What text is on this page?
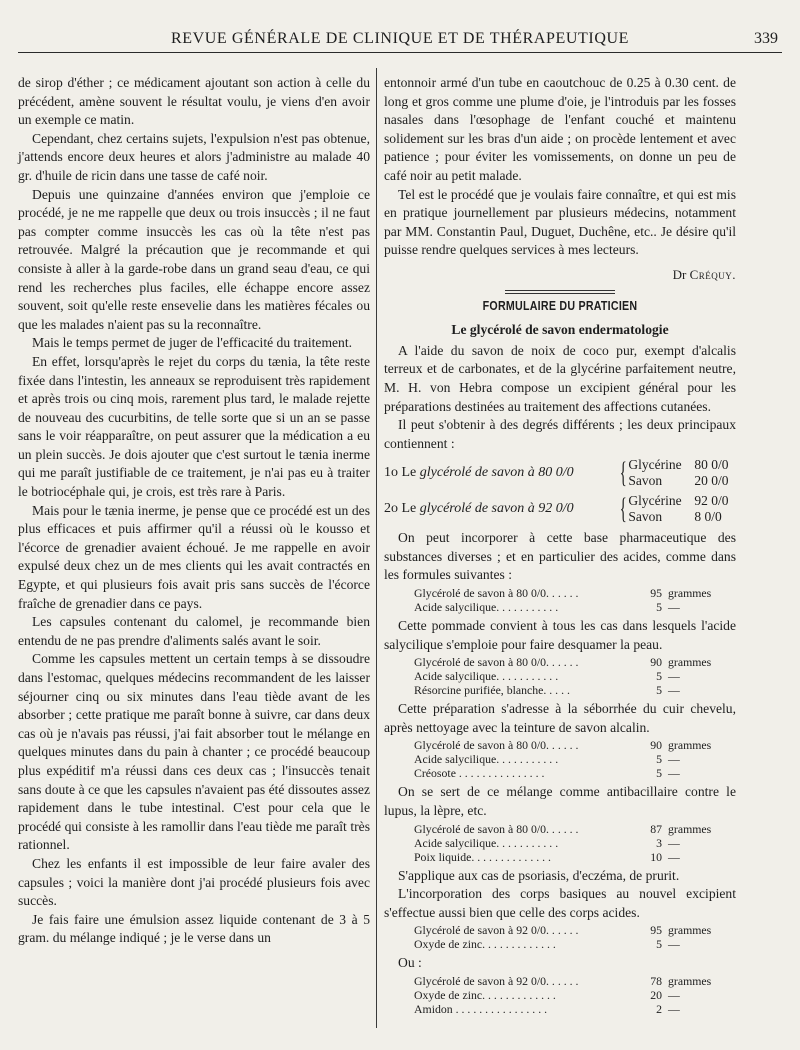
REVUE GÉNÉRALE DE CLINIQUE ET DE THÉRAPEUTIQUE	339

de sirop d'éther ; ce médicament ajoutant son action à celle du précédent, amène souvent le résultat voulu, je viens d'en avoir un exemple ce matin.

Cependant, chez certains sujets, l'expulsion n'est pas obtenue, j'attends encore deux heures et alors j'administre au malade 40 gr. d'huile de ricin dans une tasse de café noir.

Depuis une quinzaine d'années environ que j'emploie ce procédé, je ne me rappelle que deux ou trois insuccès ; il ne faut pas compter comme insuccès les cas où la tête n'est pas retrouvée. Malgré la précaution que je recommande et qui consiste à aller à la garde-robe dans un grand seau d'eau, ce qui rend les recherches plus faciles, elle échappe encore assez souvent, soit qu'elle reste ensevelie dans les matières fécales ou que les malades n'aient pas su la reconnaître.

Mais le temps permet de juger de l'efficacité du traitement.

En effet, lorsqu'après le rejet du corps du tænia, la tête reste fixée dans l'intestin, les anneaux se reproduisent très rapidement et après trois ou cinq mois, rarement plus tard, le malade rejette de nouveau des cucurbitins, de telle sorte que si un an se passe sans le voir réapparaître, on peut assurer que la médication a eu un plein succès. Je dois ajouter que c'est surtout le tænia inerme qui me paraît justifiable de ce traitement, je n'ai pas eu à traiter le botriocéphale qui, je crois, est très rare à Paris.

Mais pour le tænia inerme, je pense que ce procédé est un des plus efficaces et puis affirmer qu'il a réussi où le kousso et l'écorce de grenadier avaient échoué. Je me rappelle en avoir expulsé deux chez un de mes clients qui les avait contractés en Egypte, et qui plusieurs fois avait pris sans succès de l'écorce fraîche de grenadier dans ce pays.

Les capsules contenant du calomel, je recommande bien entendu de ne pas prendre d'aliments salés avant le soir.

Comme les capsules mettent un certain temps à se dissoudre dans l'estomac, quelques médecins recommandent de les laisser séjourner cinq ou six minutes dans l'eau tiède avant de les absorber ; cette pratique me paraît bonne à suivre, car dans deux cas où je n'avais pas réussi, j'ai fait absorber tout le mélange en quelques minutes dans du pain à chanter ; ce procédé beaucoup plus expéditif m'a réussi dans ces deux cas ; l'insuccès tenait sans doute à ce que les capsules n'avaient pas été dissoutes assez rapidement dans le tube intestinal. C'est pour cela que le procédé qui consiste à les ramollir dans l'eau tiède me paraît très rationnel.

Chez les enfants il est impossible de leur faire avaler des capsules ; voici la manière dont j'ai procédé plusieurs fois avec succès.

Je fais faire une émulsion assez liquide contenant de 3 à 5 gram. du mélange indiqué ; je le verse dans un

entonnoir armé d'un tube en caoutchouc de 0.25 à 0.30 cent. de long et gros comme une plume d'oie, je l'introduis par les fosses nasales dans l'œsophage de l'enfant couché et maintenu solidement sur les bras d'un aide ; on procède lentement et avec patience ; pour éviter les vomissements, on donne un peu de café noir au petit malade.

Tel est le procédé que je voulais faire connaître, et qui est mis en pratique journellement par plusieurs médecins, notamment par MM. Constantin Paul, Duguet, Duchêne, etc.. Je désire qu'il puisse rendre quelques services à mes lecteurs.

Dr Créquy.
FORMULAIRE DU PRATICIEN
Le glycérolé de savon endermatologie

A l'aide du savon de noix de coco pur, exempt d'alcalis terreux et de carbonates, et de la glycérine parfaitement neutre, M. H. von Hebra compose un excipient général pour les préparations destinées au traitement des affections cutanées.

Il peut s'obtenir à des degrés différents ; les deux principaux contiennent :

1o Le glycérolé de savon à 80 0/0	{ Glycérine 80 0/0
Savon	20 0/0
2o Le glycérolé de savon à 92 0/0	{ Glycérine 92 0/0
Savon	8 0/0

On peut incorporer à cette base pharmaceutique des substances diverses ; et en particulier des acides, comme dans les formules suivantes :

Glycérolé de savon à 80 0/0. . . . . .	95 grammes
Acide salycilique. . . . . . . . . . .	5 —

Cette pommade convient à tous les cas dans lesquels l'acide salycilique s'emploie pour faire desquamer la peau.

Glycérolé de savon à 80 0/0. . . . . .	90 grammes
Acide salycilique. . . . . . . . . . .	5 —
Résorcine purifiée, blanche. . . . .	5 —

Cette préparation s'adresse à la séborrhée du cuir chevelu, après nettoyage avec la teinture de savon alcalin.

Glycérolé de savon à 80 0/0. . . . . .	90 grammes
Acide salycilique. . . . . . . . . . .	5 —
Créosote . . . . . . . . . . . . . . .	5 —

On se sert de ce mélange comme antibacillaire contre le lupus, la lèpre, etc.

Glycérolé de savon à 80 0/0. . . . . .	87 grammes
Acide salycilique. . . . . . . . . . .	3 —
Poix liquide. . . . . . . . . . . . . .	10 —

S'applique aux cas de psoriasis, d'eczéma, de prurit.

L'incorporation des corps basiques au nouvel excipient s'effectue aussi bien que celle des corps acides.

Glycérolé de savon à 92 0/0. . . . . .	95 grammes
Oxyde de zinc. . . . . . . . . . . . .	5 —
Ou :
Glycérolé de savon à 92 0/0. . . . . .	78 grammes
Oxyde de zinc. . . . . . . . . . . . .	20 —
Amidon . . . . . . . . . . . . . . . .	2 —
